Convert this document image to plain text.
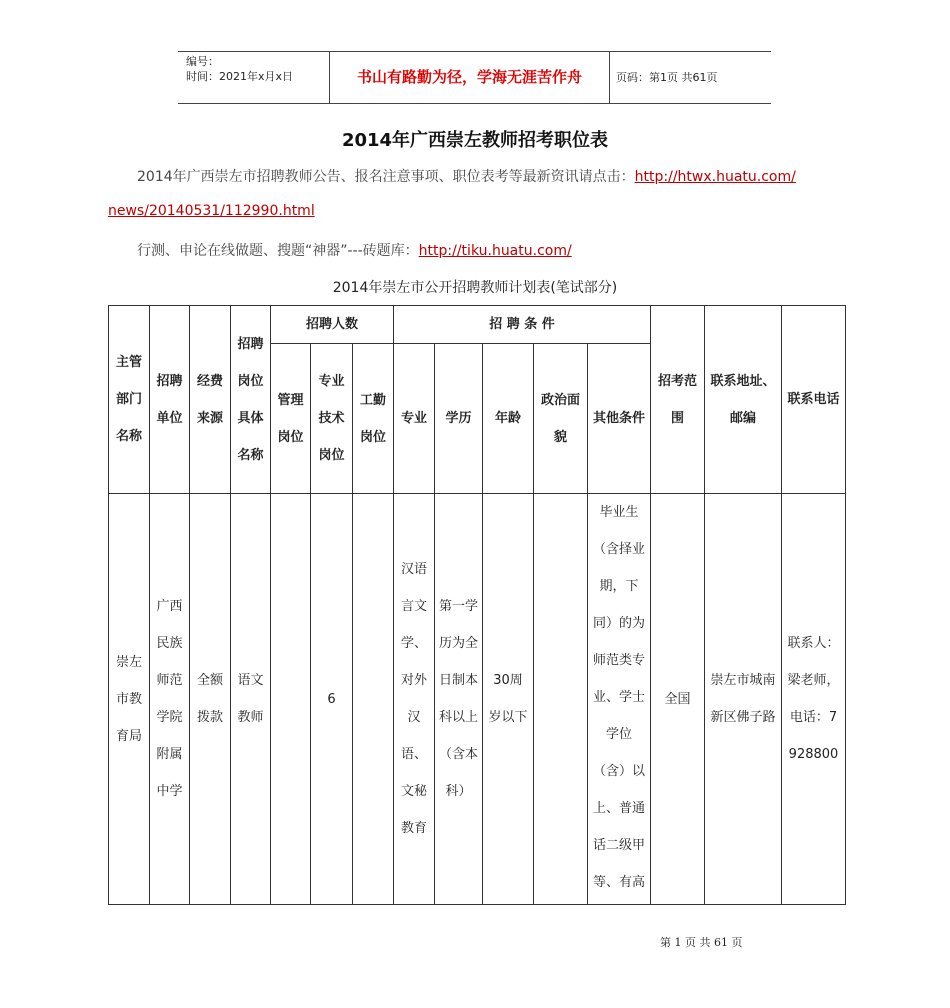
编号：
时间：2021年x月x日	书山有路勤为径，学海无涯苦作舟	页码：第1页 共61页
2014年广西崇左教师招考职位表
2014年广西崇左市招聘教师公告、报名注意事项、职位表考等最新资讯请点击：http://htwx.huatu.com/
news/20140531/112990.html
行测、申论在线做题、搜题“神器”---砖题库：http://tiku.huatu.com/
2014年崇左市公开招聘教师计划表(笔试部分)
主管部门名称	招聘单位	经费来源	招聘岗位具体名称	招聘人数			招 聘 条 件					招考范围	联系地址、邮编	联系电话
				管理岗位	专业技术岗位	工勤岗位	专业	学历	年龄	政治面貌	其他条件			
崇左市教育局	广西民族师范学院附属中学	全额拨款	语文教师		6		汉语言文学、对外汉语、文秘教育	第一学历为全日制本科以上（含本科）	30周岁以下		毕业生（含择业期，下同）的为师范类专业、学士学位（含）以上、普通话二级甲等、有高	全国	崇左市城南新区佛子路	联系人：梁老师，电话：7928800
第 1 页 共 61 页
